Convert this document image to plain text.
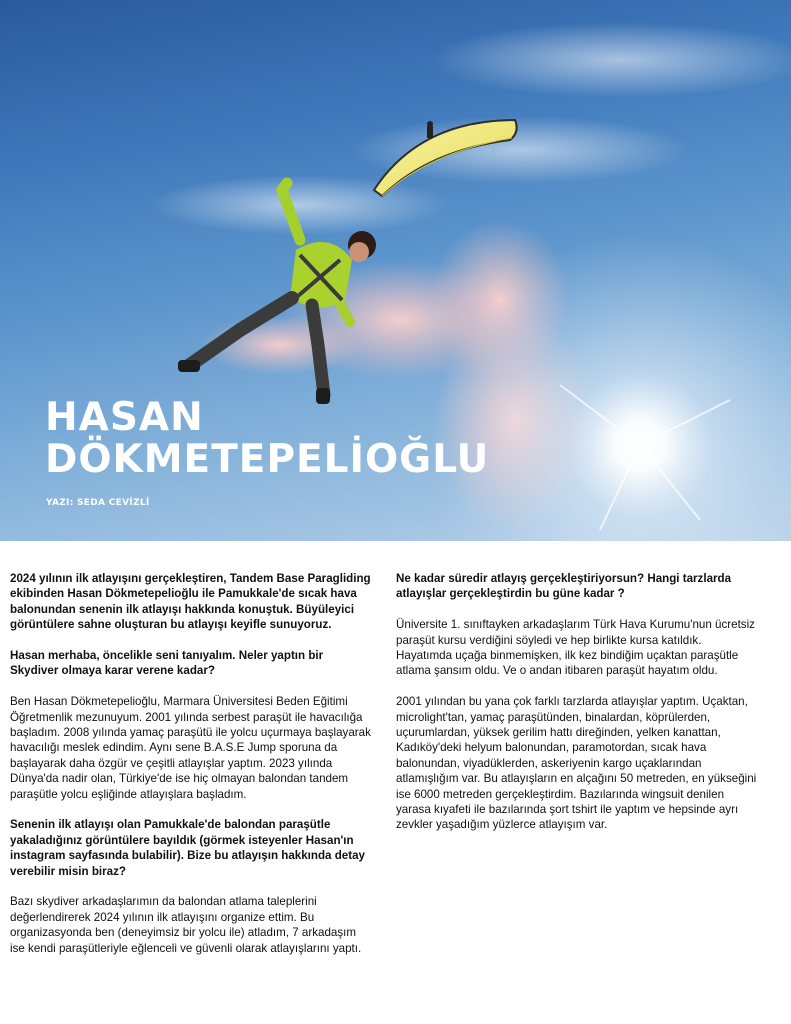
HASAN
DÖKMETEPELİOĞLU
YAZI: SEDA CEVİZLİ

2024 yılının ilk atlayışını gerçekleştiren, Tandem Base Paragliding ekibinden Hasan Dökmetepelioğlu ile Pamukkale'de sıcak hava balonundan senenin ilk atlayışı hakkında konuştuk. Büyüleyici görüntülere sahne oluşturan bu atlayışı keyifle sunuyoruz.

Hasan merhaba, öncelikle seni tanıyalım. Neler yaptın bir Skydiver olmaya karar verene kadar?

Ben Hasan Dökmetepelioğlu, Marmara Üniversitesi Beden Eğitimi Öğretmenlik mezunuyum. 2001 yılında serbest paraşüt ile havacılığa başladım. 2008 yılında yamaç paraşütü ile yolcu uçurmaya başlayarak havacılığı meslek edindim. Aynı sene B.A.S.E Jump sporuna da başlayarak daha özgür ve çeşitli atlayışlar yaptım. 2023 yılında Dünya'da nadir olan, Türkiye'de ise hiç olmayan balondan tandem paraşütle yolcu eşliğinde atlayışlara başladım.

Senenin ilk atlayışı olan Pamukkale'de balondan paraşütle yakaladığınız görüntülere bayıldık (görmek isteyenler Hasan'ın instagram sayfasında bulabilir). Bize bu atlayışın hakkında detay verebilir misin biraz?

Bazı skydiver arkadaşlarımın da balondan atlama taleplerini değerlendirerek 2024 yılının ilk atlayışını organize ettim. Bu organizasyonda ben (deneyimsiz bir yolcu ile) atladım, 7 arkadaşım ise kendi paraşütleriyle eğlenceli ve güvenli olarak atlayışlarını yaptı.

Ne kadar süredir atlayış gerçekleştiriyorsun? Hangi tarzlarda atlayışlar gerçekleştirdin bu güne kadar ?

Üniversite 1. sınıftayken arkadaşlarım Türk Hava Kurumu'nun ücretsiz paraşüt kursu verdiğini söyledi ve hep birlikte kursa katıldık. Hayatımda uçağa binmemişken, ilk kez bindiğim uçaktan paraşütle atlama şansım oldu. Ve o andan itibaren paraşüt hayatım oldu.

2001 yılından bu yana çok farklı tarzlarda atlayışlar yaptım. Uçaktan, microlight'tan, yamaç paraşütünden, binalardan, köprülerden, uçurumlardan, yüksek gerilim hattı direğinden, yelken kanattan, Kadıköy'deki helyum balonundan, paramotordan, sıcak hava balonundan, viyadüklerden, askeriyenin kargo uçaklarından atlamışlığım var. Bu atlayışların en alçağını 50 metreden, en yükseğini ise 6000 metreden gerçekleştirdim. Bazılarında wingsuit denilen yarasa kıyafeti ile bazılarında şort tshirt ile yaptım ve hepsinde ayrı zevkler yaşadığım yüzlerce atlayışım var.
